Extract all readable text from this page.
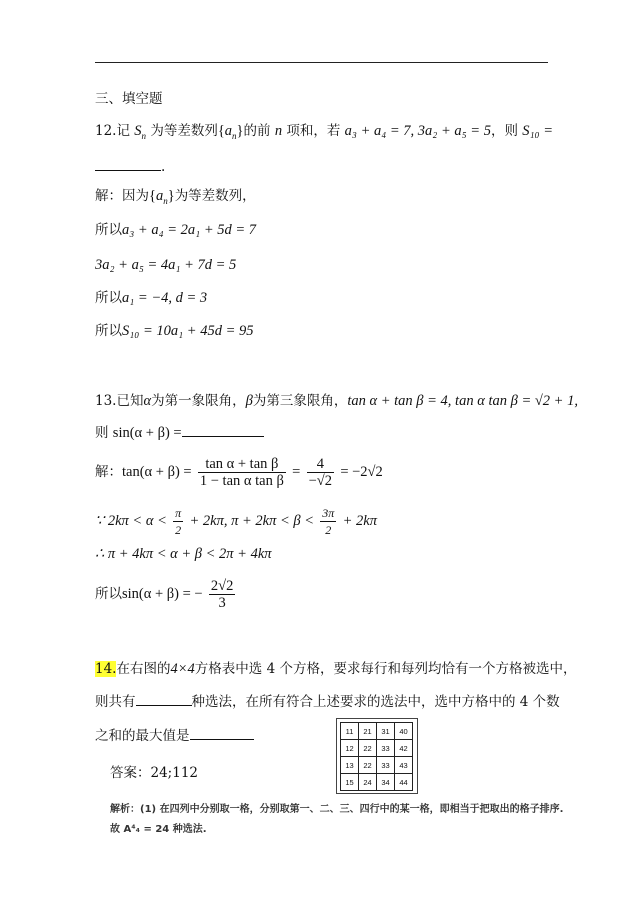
三、填空题
12.记 $S_n$ 为等差数列$\{a_n\}$的前 n 项和，若 a₃ + a₄ = 7, 3a₂ + a₅ = 5，则 S₁₀ =
.
解：因为$\{a_n\}$为等差数列，
所以a₃ + a₄ = 2a₁ + 5d = 7
3a₂ + a₅ = 4a₁ + 7d = 5
所以a₁ = −4, d = 3
所以S₁₀ = 10a₁ + 45d = 95
13.已知α为第一象限角，β为第三象限角，tan α + tan β = 4, tan α tan β = √2 + 1,
则 sin(α + β) =
解：$\tan(\alpha + \beta) = \frac{\text{tan α + tan β}}{\text{1 − tan α tan β}} = \frac{4}{-√2} = -2√2$
∵ $2k\pi < \alpha < \frac{\pi}{2} + 2k\pi$, $\pi + 2k\pi < \beta < \frac{3\pi}{2} + 2k\pi$
∴ π + 4kπ < α + β < 2π + 4kπ
所以sin(α + β) = − $\frac{2√2}{3}$
14.在右图的4×4方格表中选 4 个方格，要求每行和每列均恰有一个方格被选中，
则共有	种选法，在所有符合上述要求的选法中，选中方格中的 4 个数
之和的最大值是
答案：24;112
11	21	31	40
12	22	33	42
13	22	33	43
15	24	34	44
解析：(1) 在四列中分别取一格，分别取第一、二、三、四行中的某一格，即相当于把取出的格子排序.
故 A⁴₄ = 24 种选法.
